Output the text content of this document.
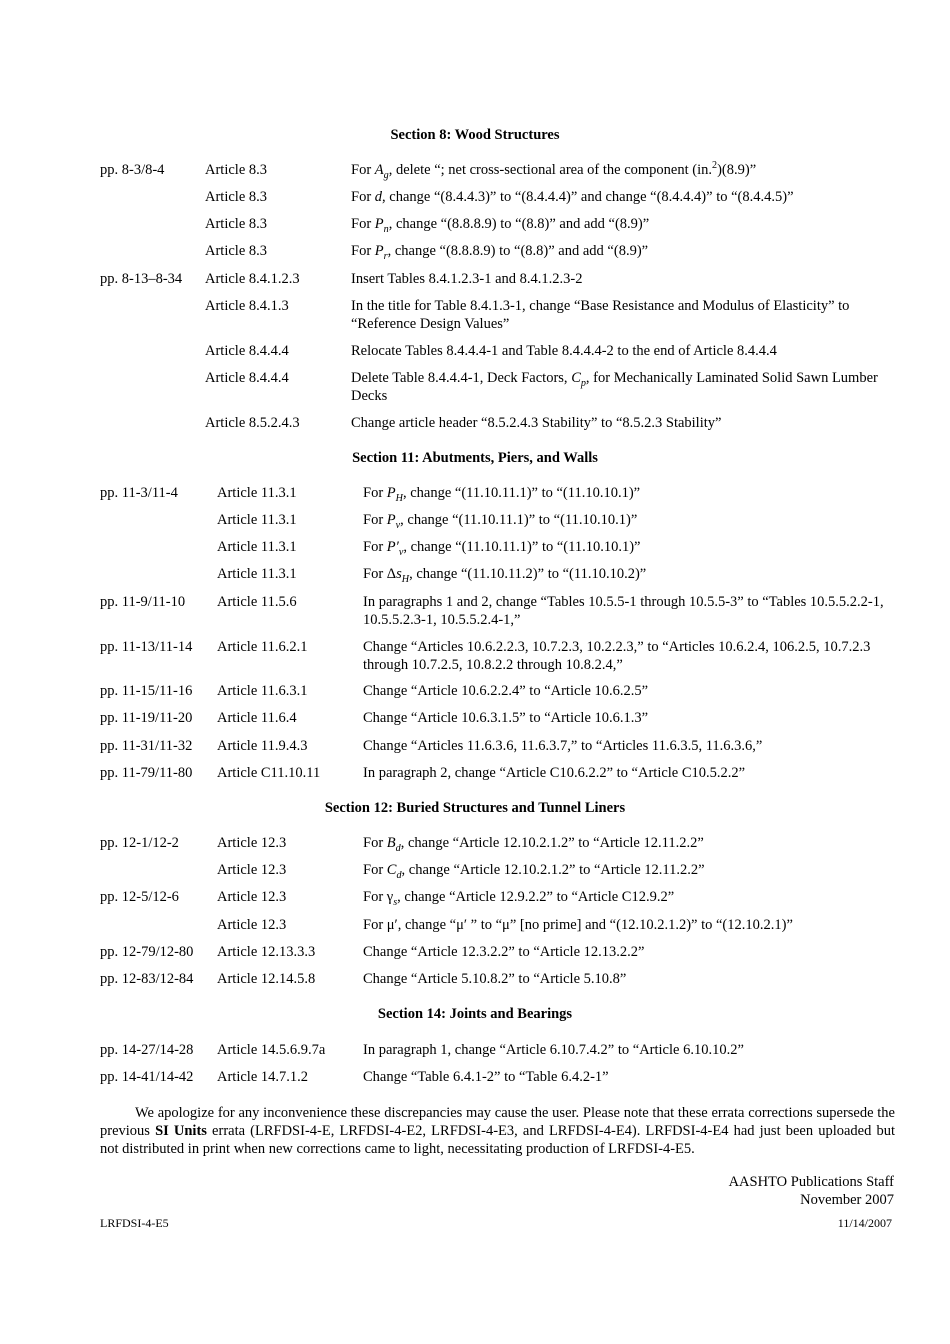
Section 8: Wood Structures
pp. 8-3/8-4	Article 8.3	For $A_g$, delete “; net cross-sectional area of the component (in.$^2$)(8.9)”
Article 8.3	For d, change “(8.4.4.3)” to “(8.4.4.4)” and change “(8.4.4.4)” to “(8.4.4.5)”
Article 8.3	For $P_n$, change “(8.8.8.9) to “(8.8)” and add “(8.9)”
Article 8.3	For $P_r$, change “(8.8.8.9) to “(8.8)” and add “(8.9)”
pp. 8-13–8-34	Article 8.4.1.2.3	Insert Tables 8.4.1.2.3-1 and 8.4.1.2.3-2
Article 8.4.1.3	In the title for Table 8.4.1.3-1, change “Base Resistance and Modulus of Elasticity” to “Reference Design Values”
Article 8.4.4.4	Relocate Tables 8.4.4.4-1 and Table 8.4.4.4-2 to the end of Article 8.4.4.4
Article 8.4.4.4	Delete Table 8.4.4.4-1, Deck Factors, $C_p$, for Mechanically Laminated Solid Sawn Lumber Decks
Article 8.5.2.4.3	Change article header “8.5.2.4.3 Stability” to “8.5.2.3 Stability”
Section 11: Abutments, Piers, and Walls
pp. 11-3/11-4	Article 11.3.1	For $P_H$, change “(11.10.11.1)” to “(11.10.10.1)”
Article 11.3.1	For $P_v$, change “(11.10.11.1)” to “(11.10.10.1)”
Article 11.3.1	For $P'_v$, change “(11.10.11.1)” to “(11.10.10.1)”
Article 11.3.1	For $\Delta s_H$, change “(11.10.11.2)” to “(11.10.10.2)”
pp. 11-9/11-10	Article 11.5.6	In paragraphs 1 and 2, change “Tables 10.5.5-1 through 10.5.5-3” to “Tables 10.5.5.2.2-1, 10.5.5.2.3-1, 10.5.5.2.4-1,”
pp. 11-13/11-14	Article 11.6.2.1	Change “Articles 10.6.2.2.3, 10.7.2.3, 10.2.2.3,” to “Articles 10.6.2.4, 106.2.5, 10.7.2.3 through 10.7.2.5, 10.8.2.2 through 10.8.2.4,”
pp. 11-15/11-16	Article 11.6.3.1	Change “Article 10.6.2.2.4” to “Article 10.6.2.5”
pp. 11-19/11-20	Article 11.6.4	Change “Article 10.6.3.1.5” to “Article 10.6.1.3”
pp. 11-31/11-32	Article 11.9.4.3	Change “Articles 11.6.3.6, 11.6.3.7,” to “Articles 11.6.3.5, 11.6.3.6,”
pp. 11-79/11-80	Article C11.10.11	In paragraph 2, change “Article C10.6.2.2” to “Article C10.5.2.2”
Section 12: Buried Structures and Tunnel Liners
pp. 12-1/12-2	Article 12.3	For $B_d$, change “Article 12.10.2.1.2” to “Article 12.11.2.2”
Article 12.3	For $C_d$, change “Article 12.10.2.1.2” to “Article 12.11.2.2”
pp. 12-5/12-6	Article 12.3	For $\gamma_s$, change “Article 12.9.2.2” to “Article C12.9.2”
Article 12.3	For μ′, change “μ′ ” to “μ” [no prime] and “(12.10.2.1.2)” to “(12.10.2.1)”
pp. 12-79/12-80	Article 12.13.3.3	Change “Article 12.3.2.2” to “Article 12.13.2.2”
pp. 12-83/12-84	Article 12.14.5.8	Change “Article 5.10.8.2” to “Article 5.10.8”
Section 14: Joints and Bearings
pp. 14-27/14-28	Article 14.5.6.9.7a	In paragraph 1, change “Article 6.10.7.4.2” to “Article 6.10.10.2”
pp. 14-41/14-42	Article 14.7.1.2	Change “Table 6.4.1-2” to “Table 6.4.2-1”
We apologize for any inconvenience these discrepancies may cause the user. Please note that these errata corrections supersede the previous SI Units errata (LRFDSI-4-E, LRFDSI-4-E2, LRFDSI-4-E3, and LRFDSI-4-E4). LRFDSI-4-E4 had just been uploaded but not distributed in print when new corrections came to light, necessitating production of LRFDSI-4-E5.
AASHTO Publications Staff
November 2007
LRFDSI-4-E5	11/14/2007
